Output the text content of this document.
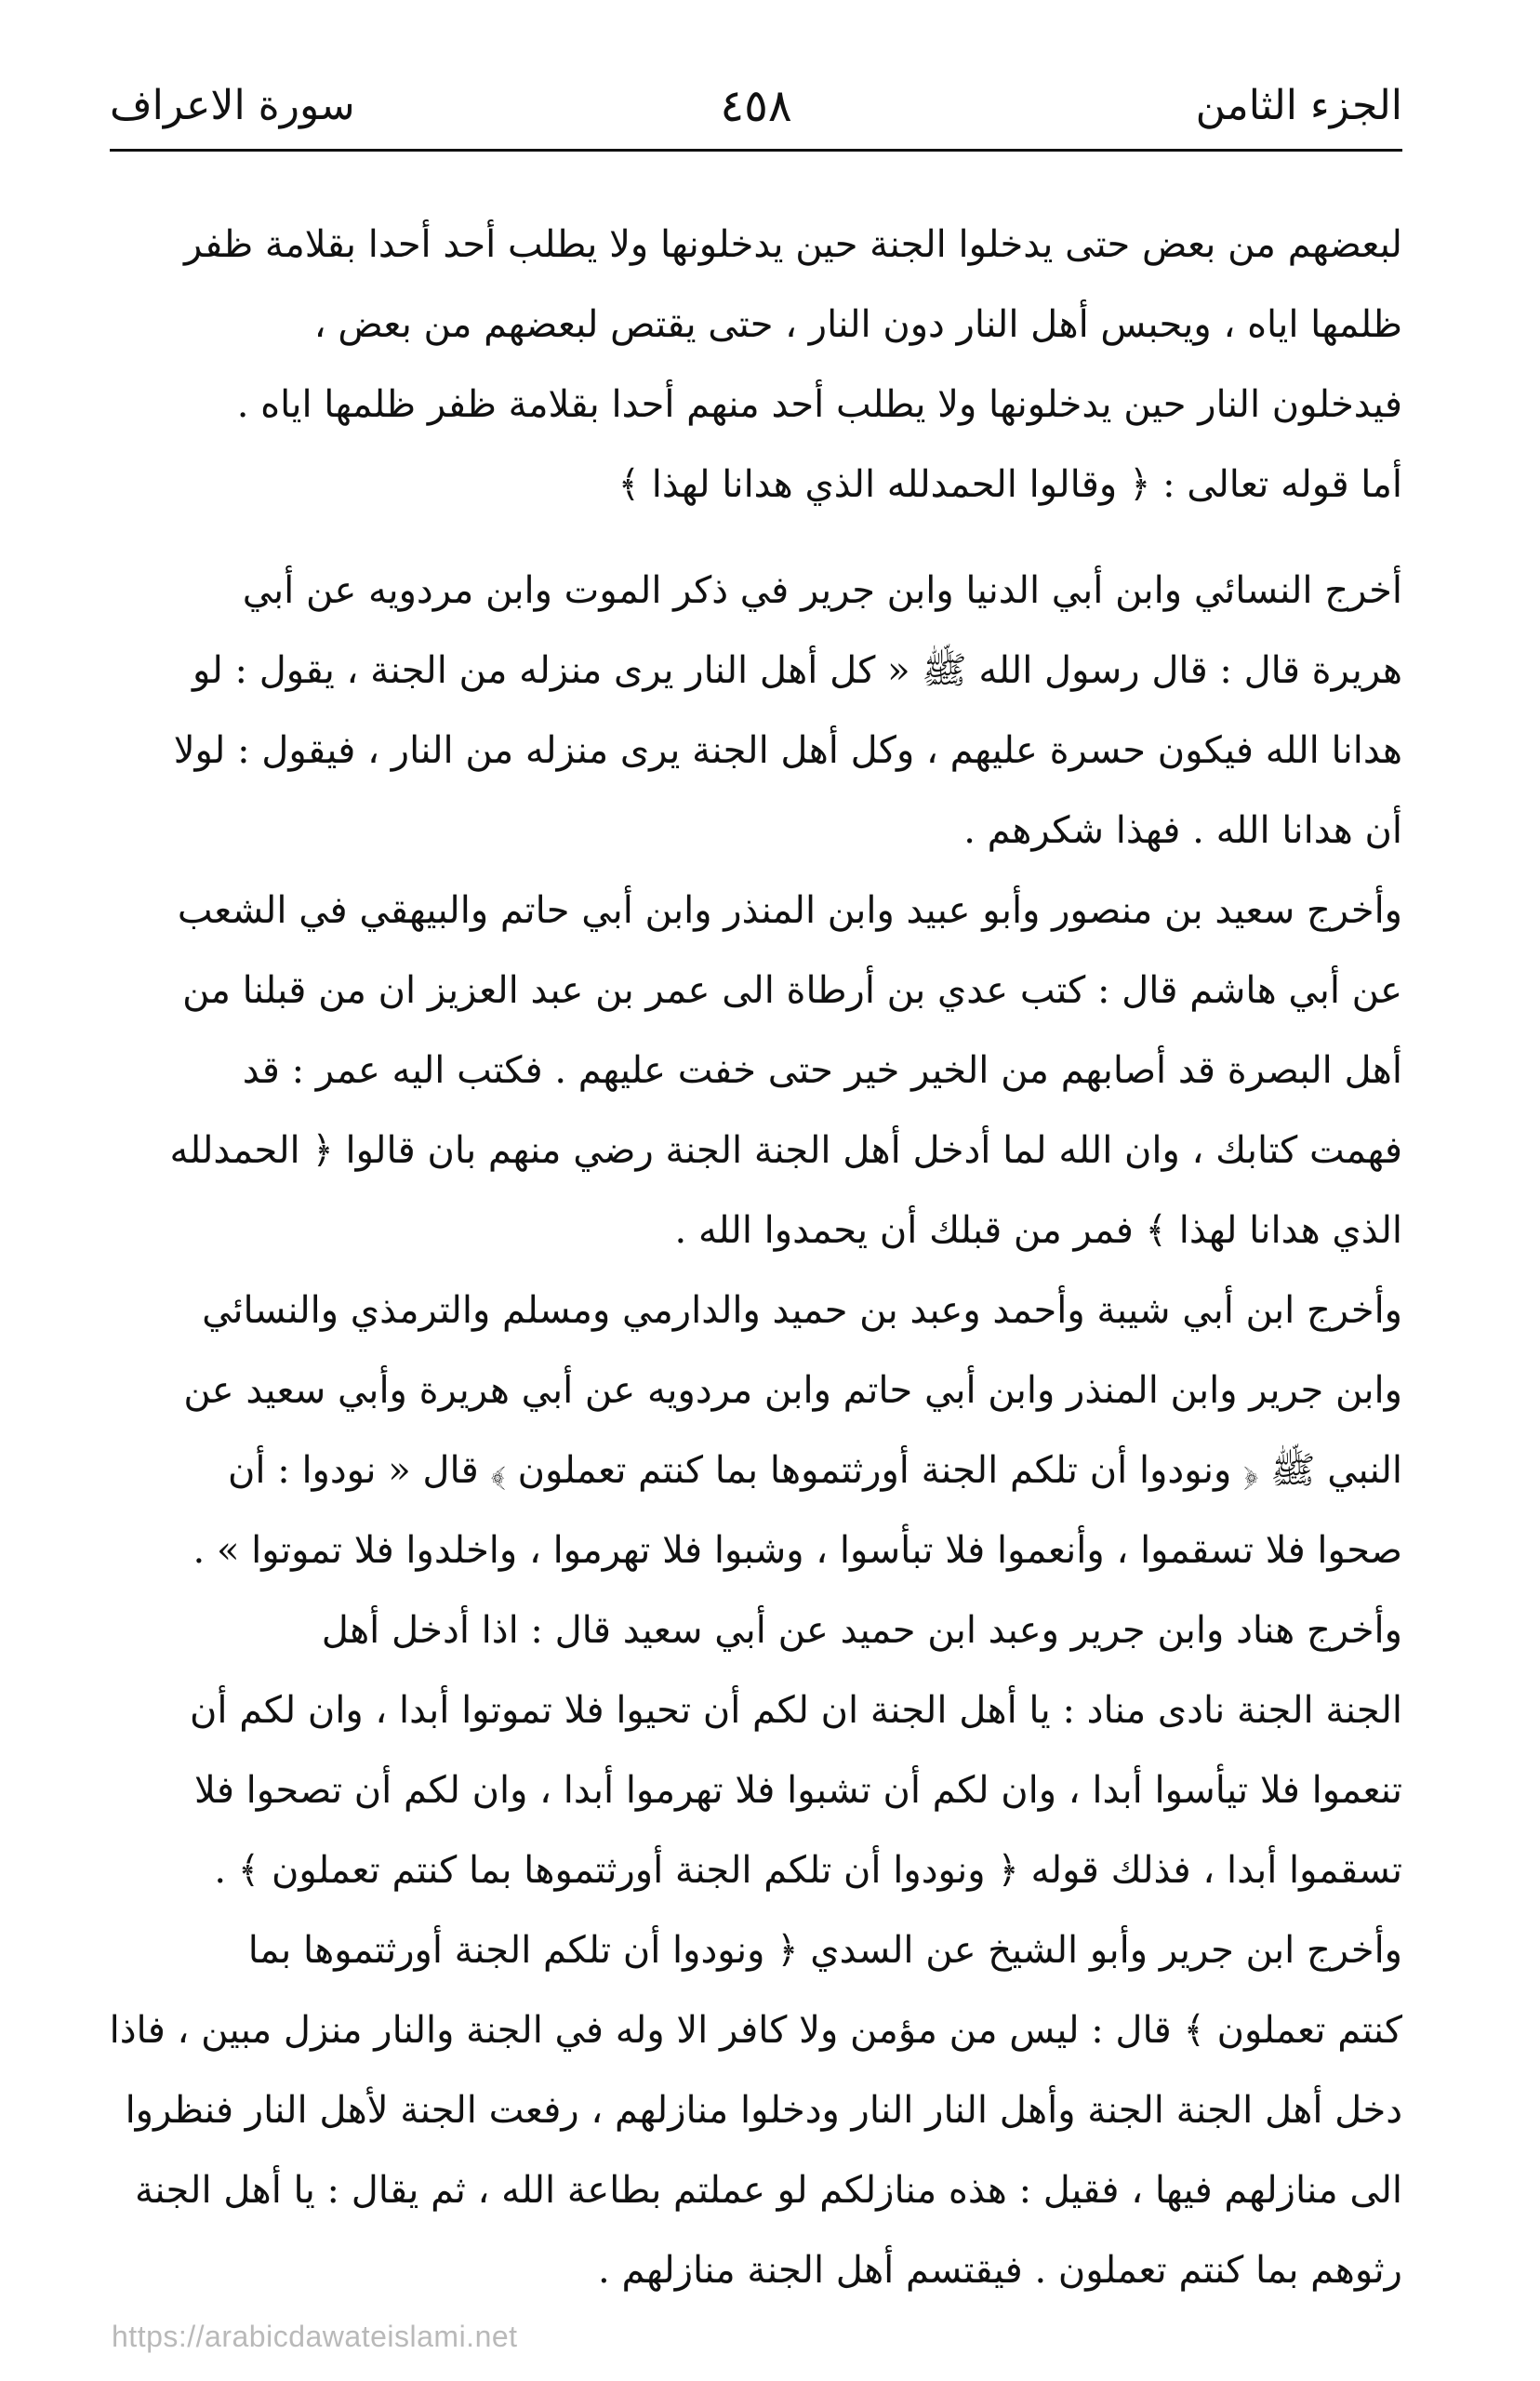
الجزء الثامن
٤٥٨
سورة الاعراف
لبعضهم من بعض حتى يدخلوا الجنة حين يدخلونها ولا يطلب أحد أحدا بقلامة ظفر
ظلمها اياه ، ويحبس أهل النار دون النار ، حتى يقتص لبعضهم من بعض ،
فيدخلون النار حين يدخلونها ولا يطلب أحد منهم أحدا بقلامة ظفر ظلمها اياه .
أما قوله تعالى : ﴿ وقالوا الحمدلله الذي هدانا لهذا ﴾
أخرج النسائي وابن أبي الدنيا وابن جرير في ذكر الموت وابن مردويه عن أبي
هريرة قال : قال رسول الله ﷺ « كل أهل النار يرى منزله من الجنة ، يقول : لو
هدانا الله فيكون حسرة عليهم ، وكل أهل الجنة يرى منزله من النار ، فيقول : لولا
أن هدانا الله . فهذا شكرهم .
وأخرج سعيد بن منصور وأبو عبيد وابن المنذر وابن أبي حاتم والبيهقي في الشعب
عن أبي هاشم قال : كتب عدي بن أرطاة الى عمر بن عبد العزيز ان من قبلنا من
أهل البصرة قد أصابهم من الخير خير حتى خفت عليهم . فكتب اليه عمر : قد
فهمت كتابك ، وان الله لما أدخل أهل الجنة الجنة رضي منهم بان قالوا ﴿ الحمدلله
الذي هدانا لهذا ﴾ فمر من قبلك أن يحمدوا الله .
وأخرج ابن أبي شيبة وأحمد وعبد بن حميد والدارمي ومسلم والترمذي والنسائي
وابن جرير وابن المنذر وابن أبي حاتم وابن مردويه عن أبي هريرة وأبي سعيد عن
النبي ﷺ ﴿ ونودوا أن تلكم الجنة أورثتموها بما كنتم تعملون ﴾ قال « نودوا : أن
صحوا فلا تسقموا ، وأنعموا فلا تبأسوا ، وشبوا فلا تهرموا ، واخلدوا فلا تموتوا » .
وأخرج هناد وابن جرير وعبد ابن حميد عن أبي سعيد قال : اذا أدخل أهل
الجنة الجنة نادى مناد : يا أهل الجنة ان لكم أن تحيوا فلا تموتوا أبدا ، وان لكم أن
تنعموا فلا تيأسوا أبدا ، وان لكم أن تشبوا فلا تهرموا أبدا ، وان لكم أن تصحوا فلا
تسقموا أبدا ، فذلك قوله ﴿ ونودوا أن تلكم الجنة أورثتموها بما كنتم تعملون ﴾ .
وأخرج ابن جرير وأبو الشيخ عن السدي ﴿ ونودوا أن تلكم الجنة أورثتموها بما
كنتم تعملون ﴾ قال : ليس من مؤمن ولا كافر الا وله في الجنة والنار منزل مبين ، فاذا
دخل أهل الجنة الجنة وأهل النار النار ودخلوا منازلهم ، رفعت الجنة لأهل النار فنظروا
الى منازلهم فيها ، فقيل : هذه منازلكم لو عملتم بطاعة الله ، ثم يقال : يا أهل الجنة
رثوهم بما كنتم تعملون . فيقتسم أهل الجنة منازلهم .
https://arabicdawateislami.net
